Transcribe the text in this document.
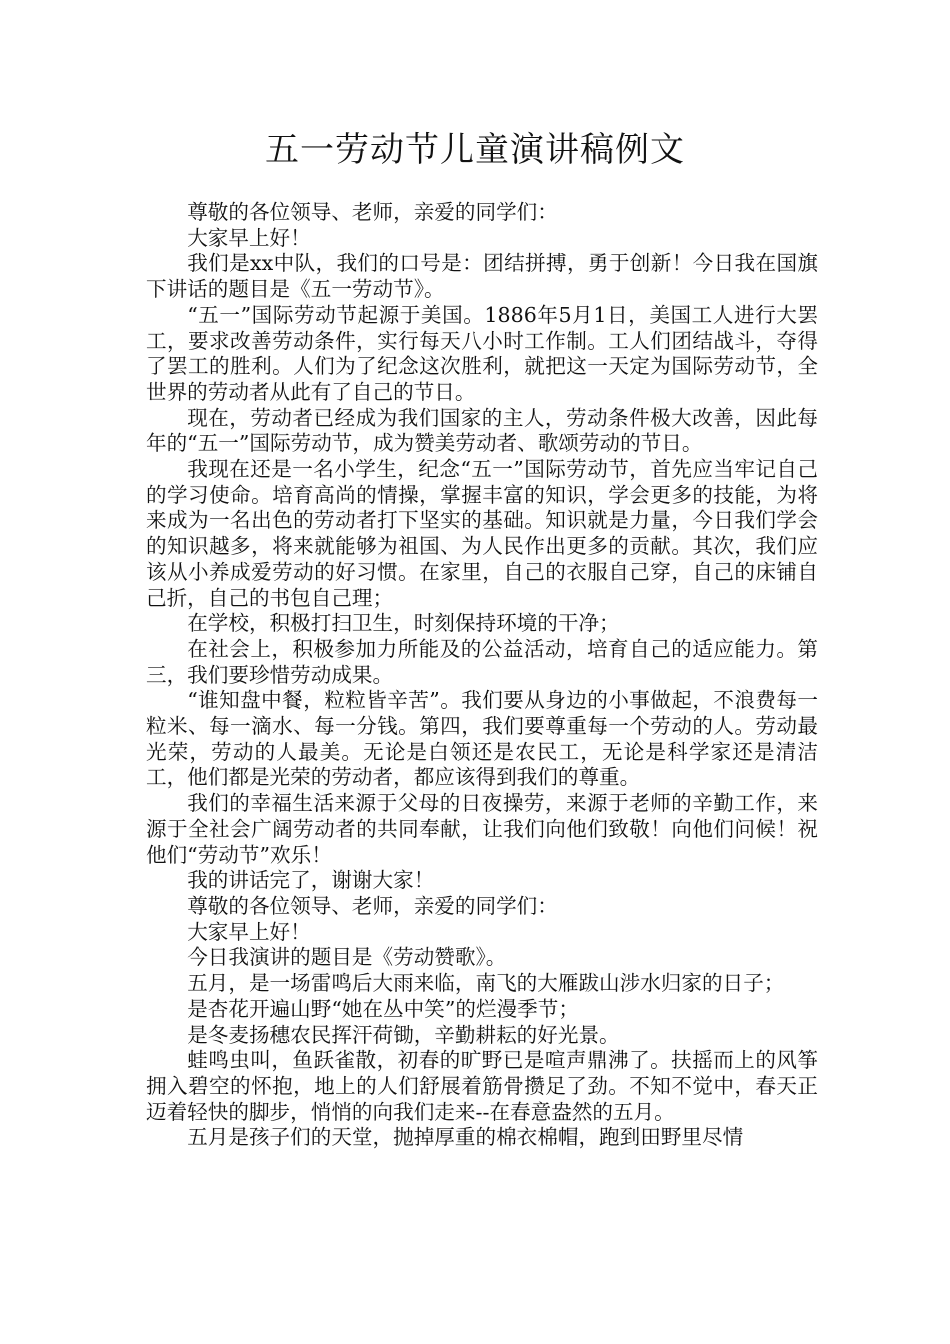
五一劳动节儿童演讲稿例文

尊敬的各位领导、老师，亲爱的同学们：

大家早上好！

我们是xx中队，我们的口号是：团结拼搏，勇于创新！今日我在国旗下讲话的题目是《五一劳动节》。

“五一”国际劳动节起源于美国。1886年5月1日，美国工人进行大罢工，要求改善劳动条件，实行每天八小时工作制。工人们团结战斗，夺得了罢工的胜利。人们为了纪念这次胜利，就把这一天定为国际劳动节，全世界的劳动者从此有了自己的节日。

现在，劳动者已经成为我们国家的主人，劳动条件极大改善，因此每年的“五一”国际劳动节，成为赞美劳动者、歌颂劳动的节日。

我现在还是一名小学生，纪念“五一”国际劳动节，首先应当牢记自己的学习使命。培育高尚的情操，掌握丰富的知识，学会更多的技能，为将来成为一名出色的劳动者打下坚实的基础。知识就是力量，今日我们学会的知识越多，将来就能够为祖国、为人民作出更多的贡献。其次，我们应该从小养成爱劳动的好习惯。在家里，自己的衣服自己穿，自己的床铺自己折，自己的书包自己理；

在学校，积极打扫卫生，时刻保持环境的干净；

在社会上，积极参加力所能及的公益活动，培育自己的适应能力。第三，我们要珍惜劳动成果。

“谁知盘中餐，粒粒皆辛苦”。我们要从身边的小事做起，不浪费每一粒米、每一滴水、每一分钱。第四，我们要尊重每一个劳动的人。劳动最光荣，劳动的人最美。无论是白领还是农民工，无论是科学家还是清洁工，他们都是光荣的劳动者，都应该得到我们的尊重。

我们的幸福生活来源于父母的日夜操劳，来源于老师的辛勤工作，来源于全社会广阔劳动者的共同奉献，让我们向他们致敬！向他们问候！祝他们“劳动节”欢乐！

我的讲话完了，谢谢大家！

尊敬的各位领导、老师，亲爱的同学们：

大家早上好！

今日我演讲的题目是《劳动赞歌》。

五月，是一场雷鸣后大雨来临，南飞的大雁跋山涉水归家的日子；

是杏花开遍山野“她在丛中笑”的烂漫季节；

是冬麦扬穗农民挥汗荷锄，辛勤耕耘的好光景。

蛙鸣虫叫，鱼跃雀散，初春的旷野已是喧声鼎沸了。扶摇而上的风筝拥入碧空的怀抱，地上的人们舒展着筋骨攒足了劲。不知不觉中，春天正迈着轻快的脚步，悄悄的向我们走来--在春意盎然的五月。

五月是孩子们的天堂，抛掉厚重的棉衣棉帽，跑到田野里尽情
